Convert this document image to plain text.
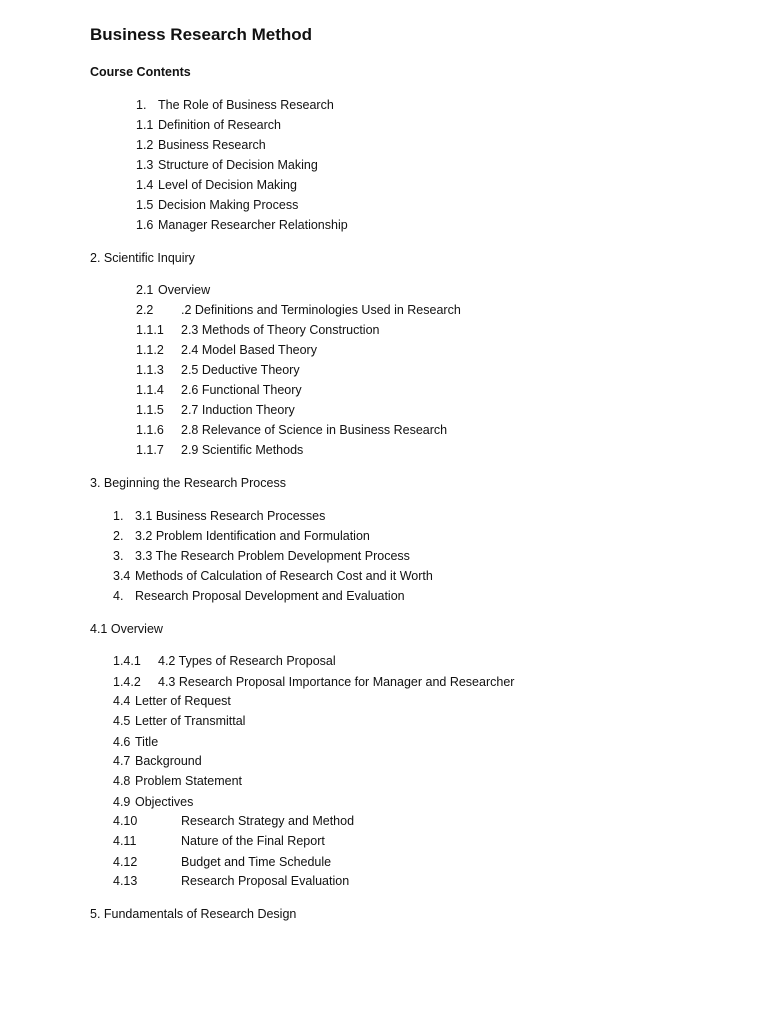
Business Research Method
Course Contents
1. The Role of Business Research
1.1 Definition of Research
1.2 Business Research
1.3 Structure of Decision Making
1.4 Level of Decision Making
1.5 Decision Making Process
1.6 Manager Researcher Relationship
2. Scientific Inquiry
2.1 Overview
2.2 .2 Definitions and Terminologies Used in Research
1.1.1 2.3 Methods of Theory Construction
1.1.2 2.4 Model Based Theory
1.1.3 2.5 Deductive Theory
1.1.4 2.6 Functional Theory
1.1.5 2.7 Induction Theory
1.1.6 2.8 Relevance of Science in Business Research
1.1.7 2.9 Scientific Methods
3. Beginning the Research Process
1. 3.1 Business Research Processes
2. 3.2 Problem Identification and Formulation
3. 3.3 The Research Problem Development Process
3.4 Methods of Calculation of Research Cost and it Worth
4. Research Proposal Development and Evaluation
4.1 Overview
1.4.1 4.2 Types of Research Proposal
1.4.2 4.3 Research Proposal Importance for Manager and Researcher
4.4 Letter of Request
4.5 Letter of Transmittal
4.6 Title
4.7 Background
4.8 Problem Statement
4.9 Objectives
4.10	Research Strategy and Method
4.11	Nature of the Final Report
4.12	Budget and Time Schedule
4.13	Research Proposal Evaluation
5. Fundamentals of Research Design
